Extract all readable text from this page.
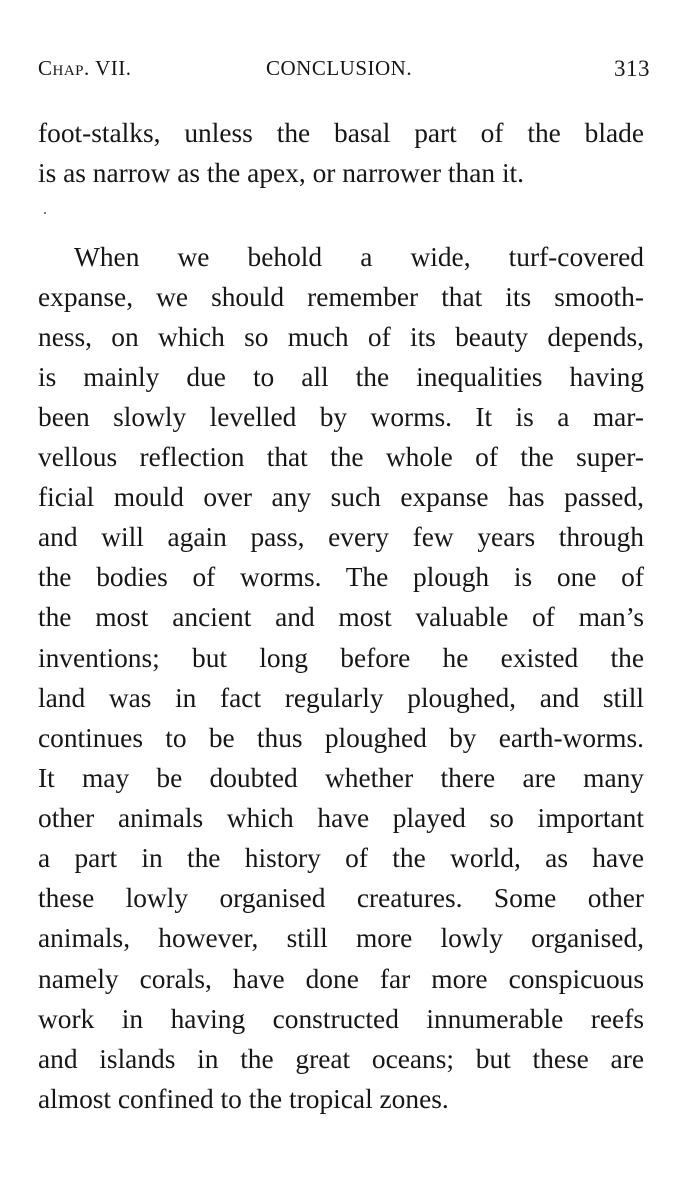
Chap. VII.	CONCLUSION.	313
foot-stalks, unless the basal part of the blade
is as narrow as the apex, or narrower than it.
When we behold a wide, turf-covered
expanse, we should remember that its smooth-
ness, on which so much of its beauty depends,
is mainly due to all the inequalities having
been slowly levelled by worms. It is a mar-
vellous reflection that the whole of the super-
ficial mould over any such expanse has passed,
and will again pass, every few years through
the bodies of worms. The plough is one of
the most ancient and most valuable of man’s
inventions; but long before he existed the
land was in fact regularly ploughed, and still
continues to be thus ploughed by earth-worms.
It may be doubted whether there are many
other animals which have played so important
a part in the history of the world, as have
these lowly organised creatures. Some other
animals, however, still more lowly organised,
namely corals, have done far more conspicuous
work in having constructed innumerable reefs
and islands in the great oceans; but these are
almost confined to the tropical zones.
